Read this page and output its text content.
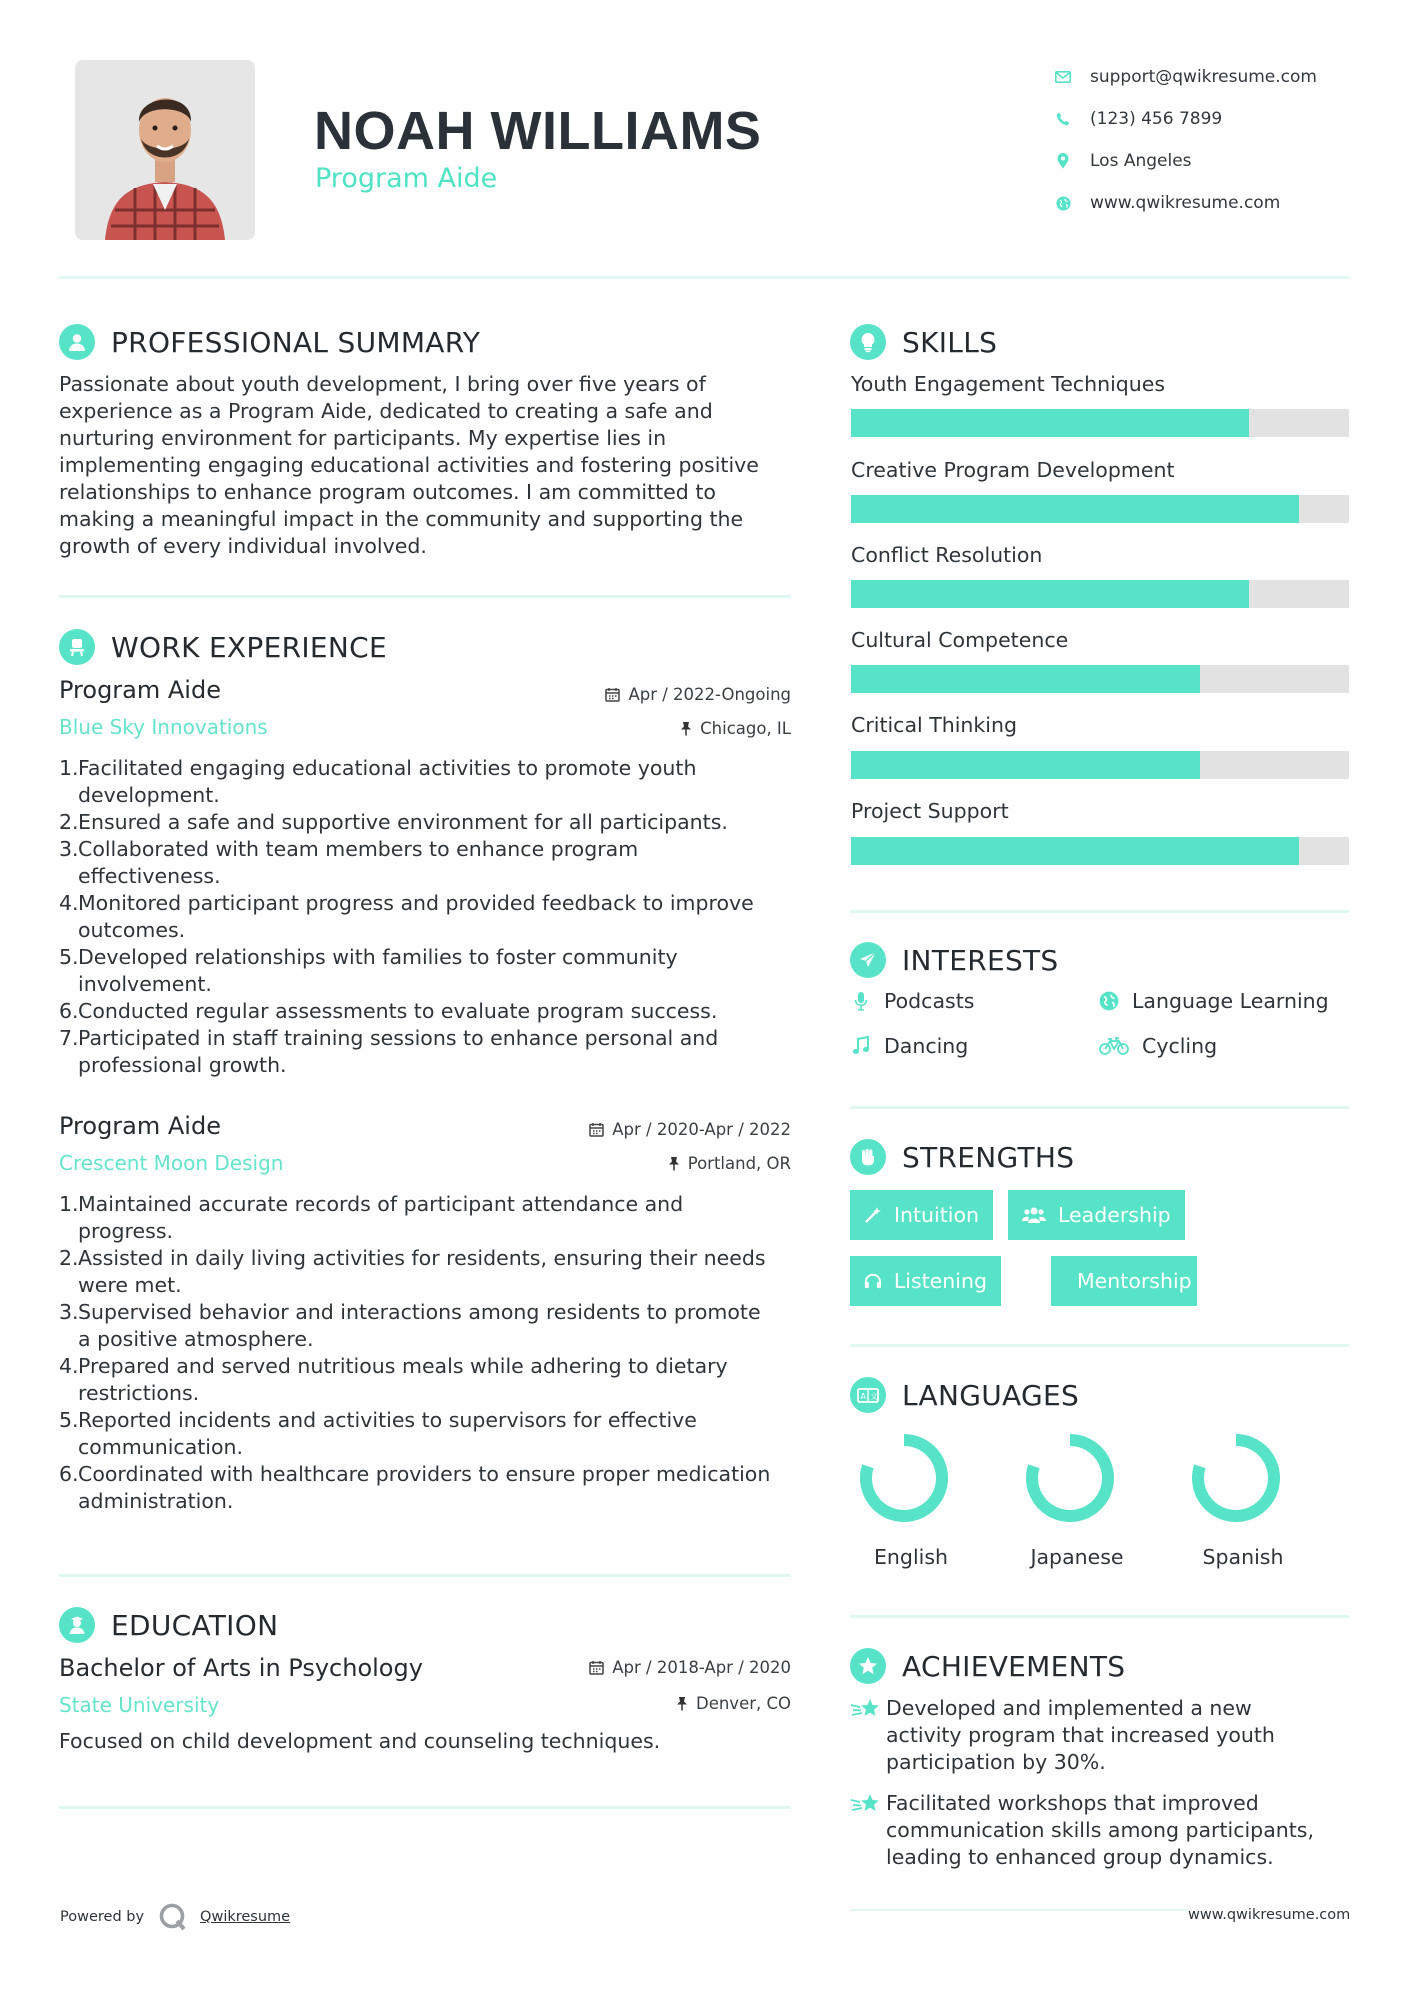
NOAH WILLIAMS
Program Aide
support@qwikresume.com
(123) 456 7899
Los Angeles
www.qwikresume.com
PROFESSIONAL SUMMARY
Passionate about youth development, I bring over five years of
experience as a Program Aide, dedicated to creating a safe and
nurturing environment for participants. My expertise lies in
implementing engaging educational activities and fostering positive
relationships to enhance program outcomes. I am committed to
making a meaningful impact in the community and supporting the
growth of every individual involved.
WORK EXPERIENCE
Program Aide	Apr / 2022-Ongoing
Blue Sky Innovations	Chicago, IL
1. Facilitated engaging educational activities to promote youth
development.
2. Ensured a safe and supportive environment for all participants.
3. Collaborated with team members to enhance program
effectiveness.
4. Monitored participant progress and provided feedback to improve
outcomes.
5. Developed relationships with families to foster community
involvement.
6. Conducted regular assessments to evaluate program success.
7. Participated in staff training sessions to enhance personal and
professional growth.
Program Aide	Apr / 2020-Apr / 2022
Crescent Moon Design	Portland, OR
1. Maintained accurate records of participant attendance and
progress.
2. Assisted in daily living activities for residents, ensuring their needs
were met.
3. Supervised behavior and interactions among residents to promote
a positive atmosphere.
4. Prepared and served nutritious meals while adhering to dietary
restrictions.
5. Reported incidents and activities to supervisors for effective
communication.
6. Coordinated with healthcare providers to ensure proper medication
administration.
EDUCATION
Bachelor of Arts in Psychology	Apr / 2018-Apr / 2020
State University	Denver, CO
Focused on child development and counseling techniques.
SKILLS
Youth Engagement Techniques
Creative Program Development
Conflict Resolution
Cultural Competence
Critical Thinking
Project Support
INTERESTS
Podcasts	Language Learning
Dancing	Cycling
STRENGTHS
Intuition	Leadership
Listening	Mentorship
A 文 LANGUAGES
English	Japanese	Spanish
ACHIEVEMENTS
Developed and implemented a new
activity program that increased youth
participation by 30%.
Facilitated workshops that improved
communication skills among participants,
leading to enhanced group dynamics.
Powered by	Qwikresume	www.qwikresume.com
